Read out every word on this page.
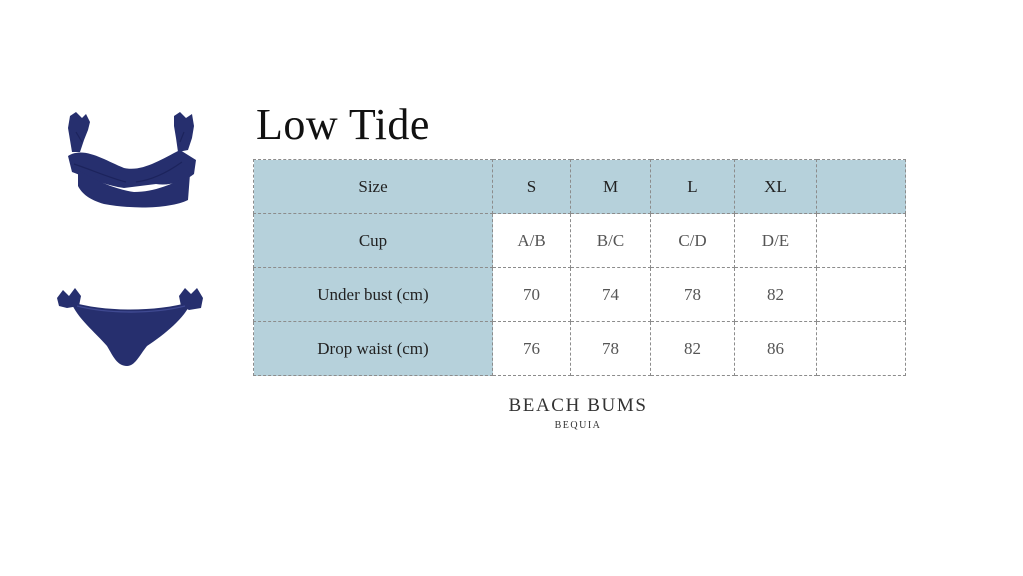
Low Tide
Size	S	M	L	XL	
Cup	A/B	B/C	C/D	D/E	
Under bust (cm)	70	74	78	82	
Drop waist (cm)	76	78	82	86	
BEACH BUMS
BEQUIA
